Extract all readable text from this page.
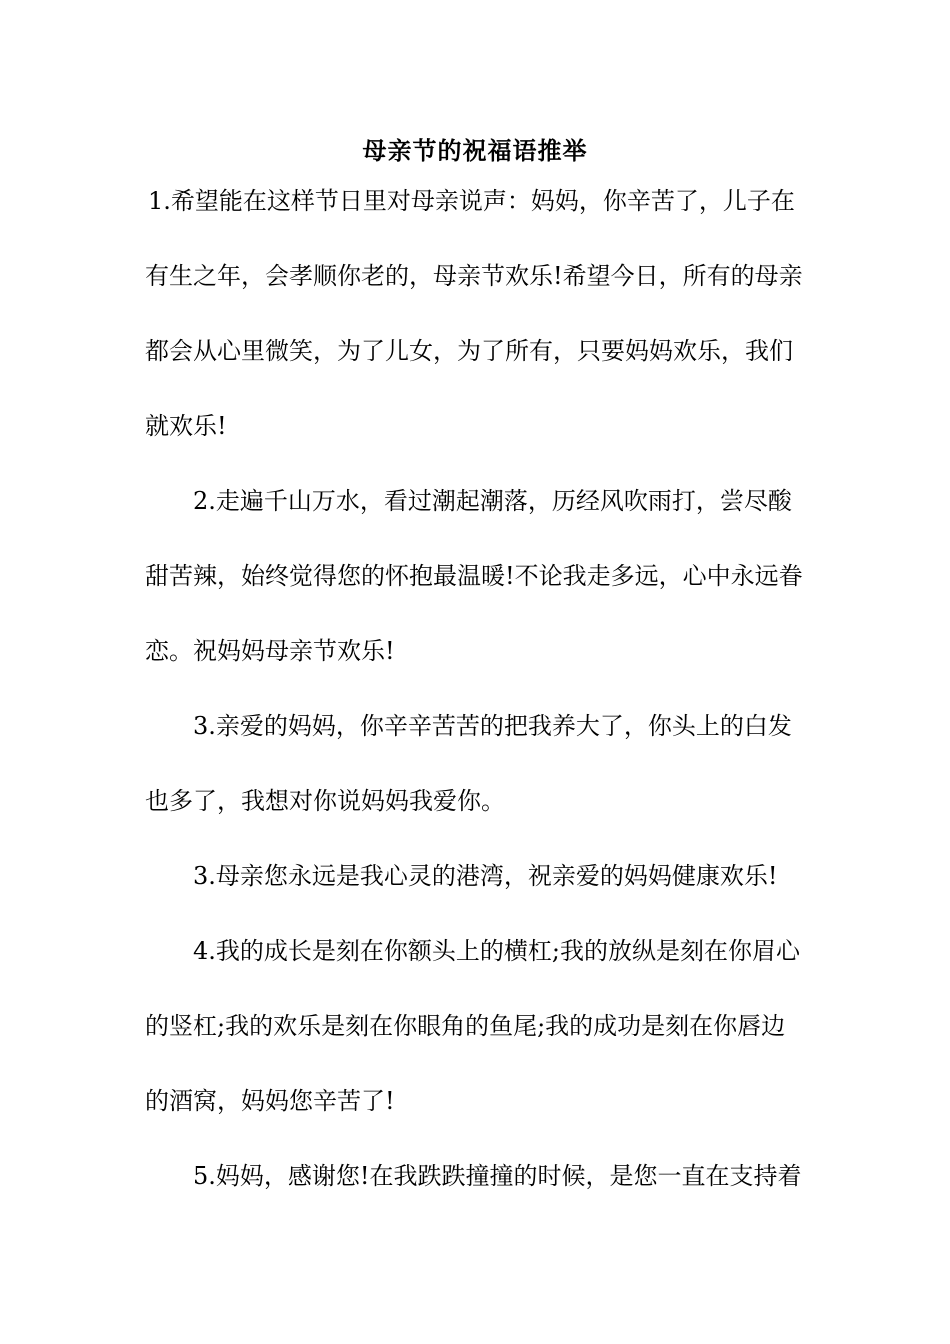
母亲节的祝福语推举
1.希望能在这样节日里对母亲说声：妈妈，你辛苦了，儿子在
有生之年，会孝顺你老的，母亲节欢乐!希望今日，所有的母亲
都会从心里微笑，为了儿女，为了所有，只要妈妈欢乐，我们
就欢乐!
2.走遍千山万水，看过潮起潮落，历经风吹雨打，尝尽酸
甜苦辣，始终觉得您的怀抱最温暖!不论我走多远，心中永远眷
恋。祝妈妈母亲节欢乐!
3.亲爱的妈妈，你辛辛苦苦的把我养大了，你头上的白发
也多了，我想对你说妈妈我爱你。
3.母亲您永远是我心灵的港湾，祝亲爱的妈妈健康欢乐!
4.我的成长是刻在你额头上的横杠;我的放纵是刻在你眉心
的竖杠;我的欢乐是刻在你眼角的鱼尾;我的成功是刻在你唇边
的酒窝，妈妈您辛苦了!
5.妈妈，感谢您!在我跌跌撞撞的时候，是您一直在支持着
